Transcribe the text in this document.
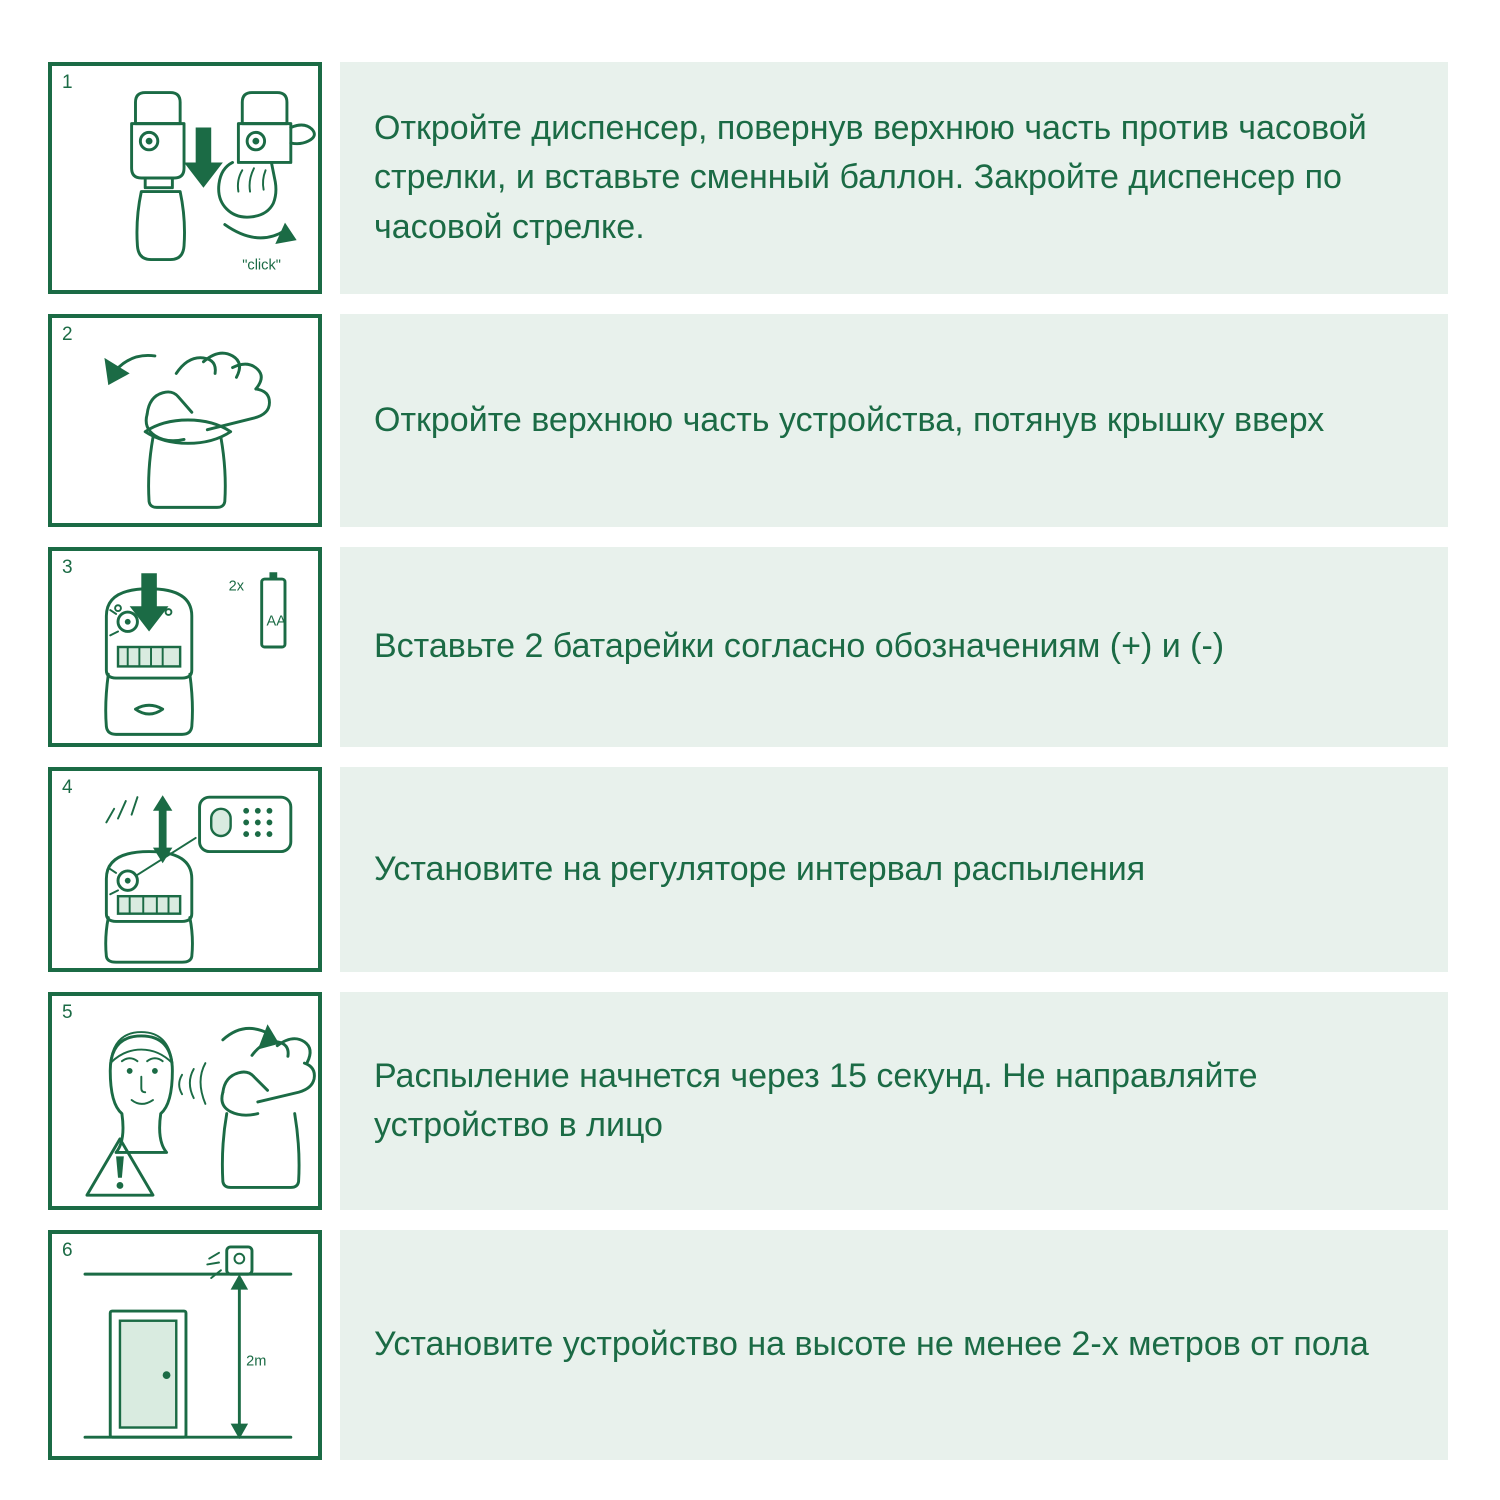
1
"click"

Откройте диспенсер, повернув верхнюю часть против часовой стрелки, и вставьте сменный баллон. Закройте диспенсер по часовой стрелке.

2

Откройте верхнюю часть устройства, потянув крышку вверх

3
2x
AA

Вставьте 2 батарейки согласно обозначениям (+) и (-)

4

Установите на регуляторе интервал распыления

5

Распыление начнется через 15 секунд. Не направляйте устройство в лицо

6
2m	Установите устройство на высоте не менее 2-х метров от пола
